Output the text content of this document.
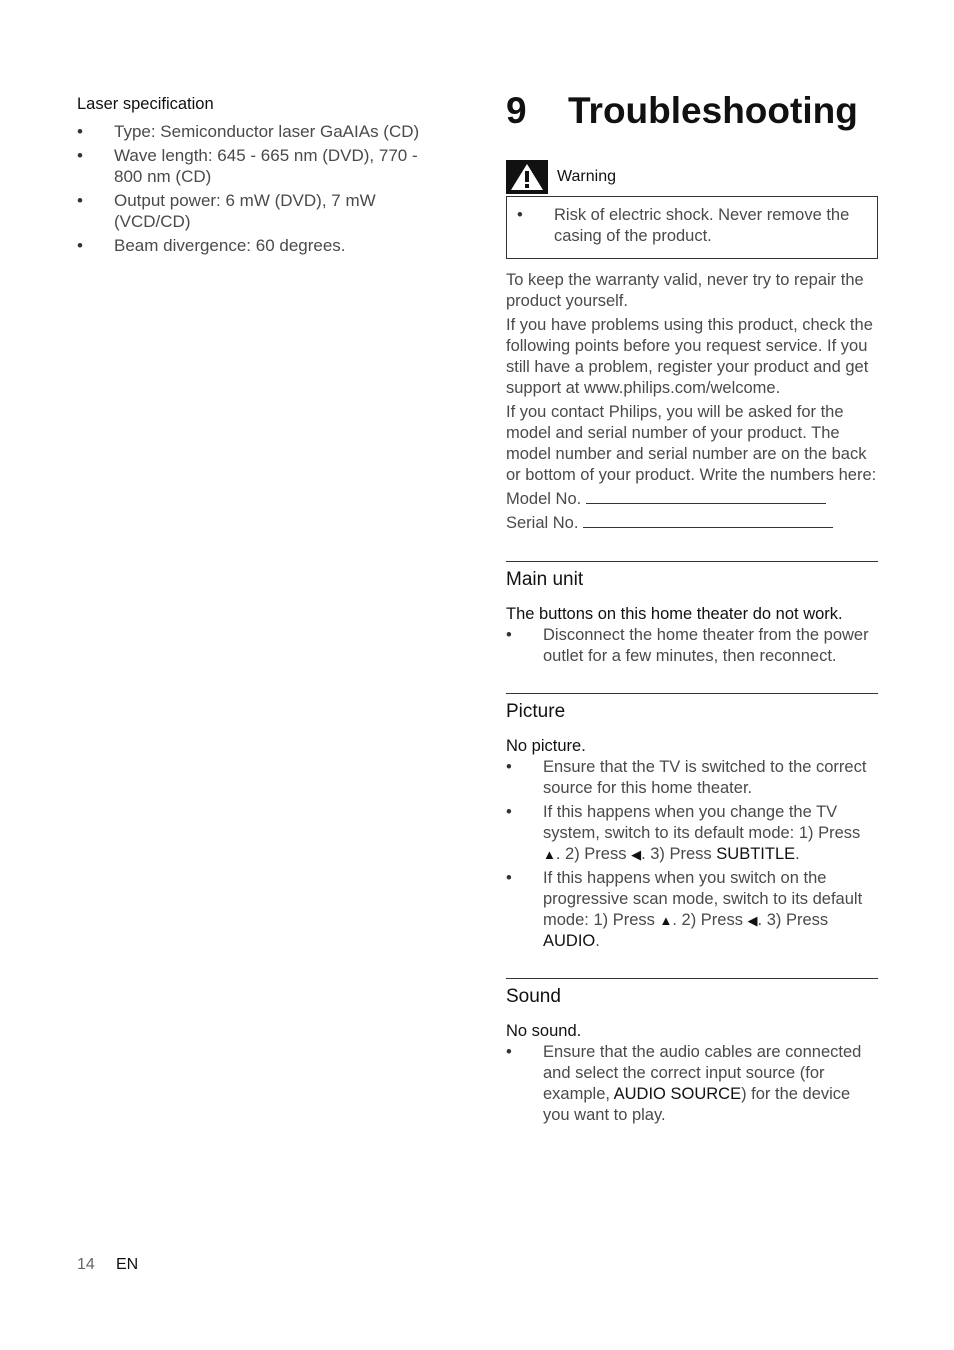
Laser specification
• Type: Semiconductor laser GaAIAs (CD)
• Wave length: 645 - 665 nm (DVD), 770 - 800 nm (CD)
• Output power: 6 mW (DVD), 7 mW (VCD/CD)
• Beam divergence: 60 degrees.
9	Troubleshooting
Warning
• Risk of electric shock. Never remove the casing of the product.

To keep the warranty valid, never try to repair the product yourself.

If you have problems using this product, check the following points before you request service. If you still have a problem, register your product and get support at www.philips.com/welcome.

If you contact Philips, you will be asked for the model and serial number of your product. The model number and serial number are on the back or bottom of your product. Write the numbers here:

Model No.

Serial No.

Main unit

The buttons on this home theater do not work.

• Disconnect the home theater from the power outlet for a few minutes, then reconnect.
Picture

No picture.

• Ensure that the TV is switched to the correct source for this home theater.
• If this happens when you change the TV system, switch to its default mode: 1) Press ▲. 2) Press ◀. 3) Press SUBTITLE.
• If this happens when you switch on the progressive scan mode, switch to its default mode: 1) Press ▲. 2) Press ◀. 3) Press AUDIO.
Sound

No sound.

• Ensure that the audio cables are connected and select the correct input source (for example, AUDIO SOURCE) for the device you want to play.
14	EN
